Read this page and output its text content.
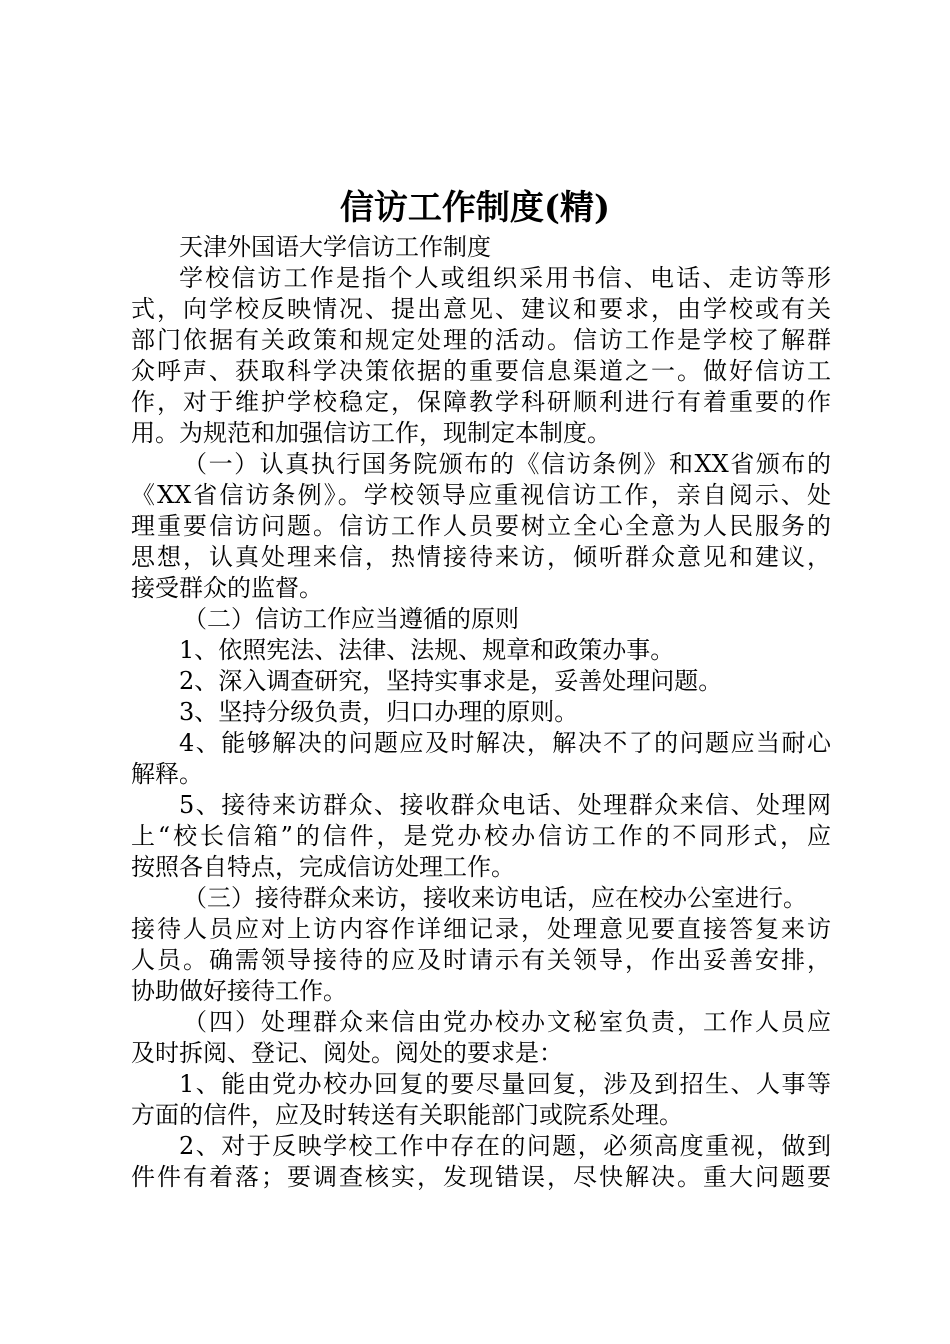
信访工作制度(精)
天津外国语大学信访工作制度
学校信访工作是指个人或组织采用书信、电话、走访等形
式，向学校反映情况、提出意见、建议和要求，由学校或有关
部门依据有关政策和规定处理的活动。信访工作是学校了解群
众呼声、获取科学决策依据的重要信息渠道之一。做好信访工
作，对于维护学校稳定，保障教学科研顺利进行有着重要的作
用。为规范和加强信访工作，现制定本制度。
（一）认真执行国务院颁布的《信访条例》和XX省颁布的
《XX省信访条例》。学校领导应重视信访工作，亲自阅示、处
理重要信访问题。信访工作人员要树立全心全意为人民服务的
思想，认真处理来信，热情接待来访，倾听群众意见和建议，
接受群众的监督。
（二）信访工作应当遵循的原则
1、依照宪法、法律、法规、规章和政策办事。
2、深入调查研究，坚持实事求是，妥善处理问题。
3、坚持分级负责，归口办理的原则。
4、能够解决的问题应及时解决，解决不了的问题应当耐心
解释。
5、接待来访群众、接收群众电话、处理群众来信、处理网
上“校长信箱”的信件，是党办校办信访工作的不同形式，应
按照各自特点，完成信访处理工作。
（三）接待群众来访，接收来访电话，应在校办公室进行。
接待人员应对上访内容作详细记录，处理意见要直接答复来访
人员。确需领导接待的应及时请示有关领导，作出妥善安排，
协助做好接待工作。
（四）处理群众来信由党办校办文秘室负责，工作人员应
及时拆阅、登记、阅处。阅处的要求是：
1、能由党办校办回复的要尽量回复，涉及到招生、人事等
方面的信件，应及时转送有关职能部门或院系处理。
2、对于反映学校工作中存在的问题，必须高度重视，做到
件件有着落；要调查核实，发现错误，尽快解决。重大问题要
